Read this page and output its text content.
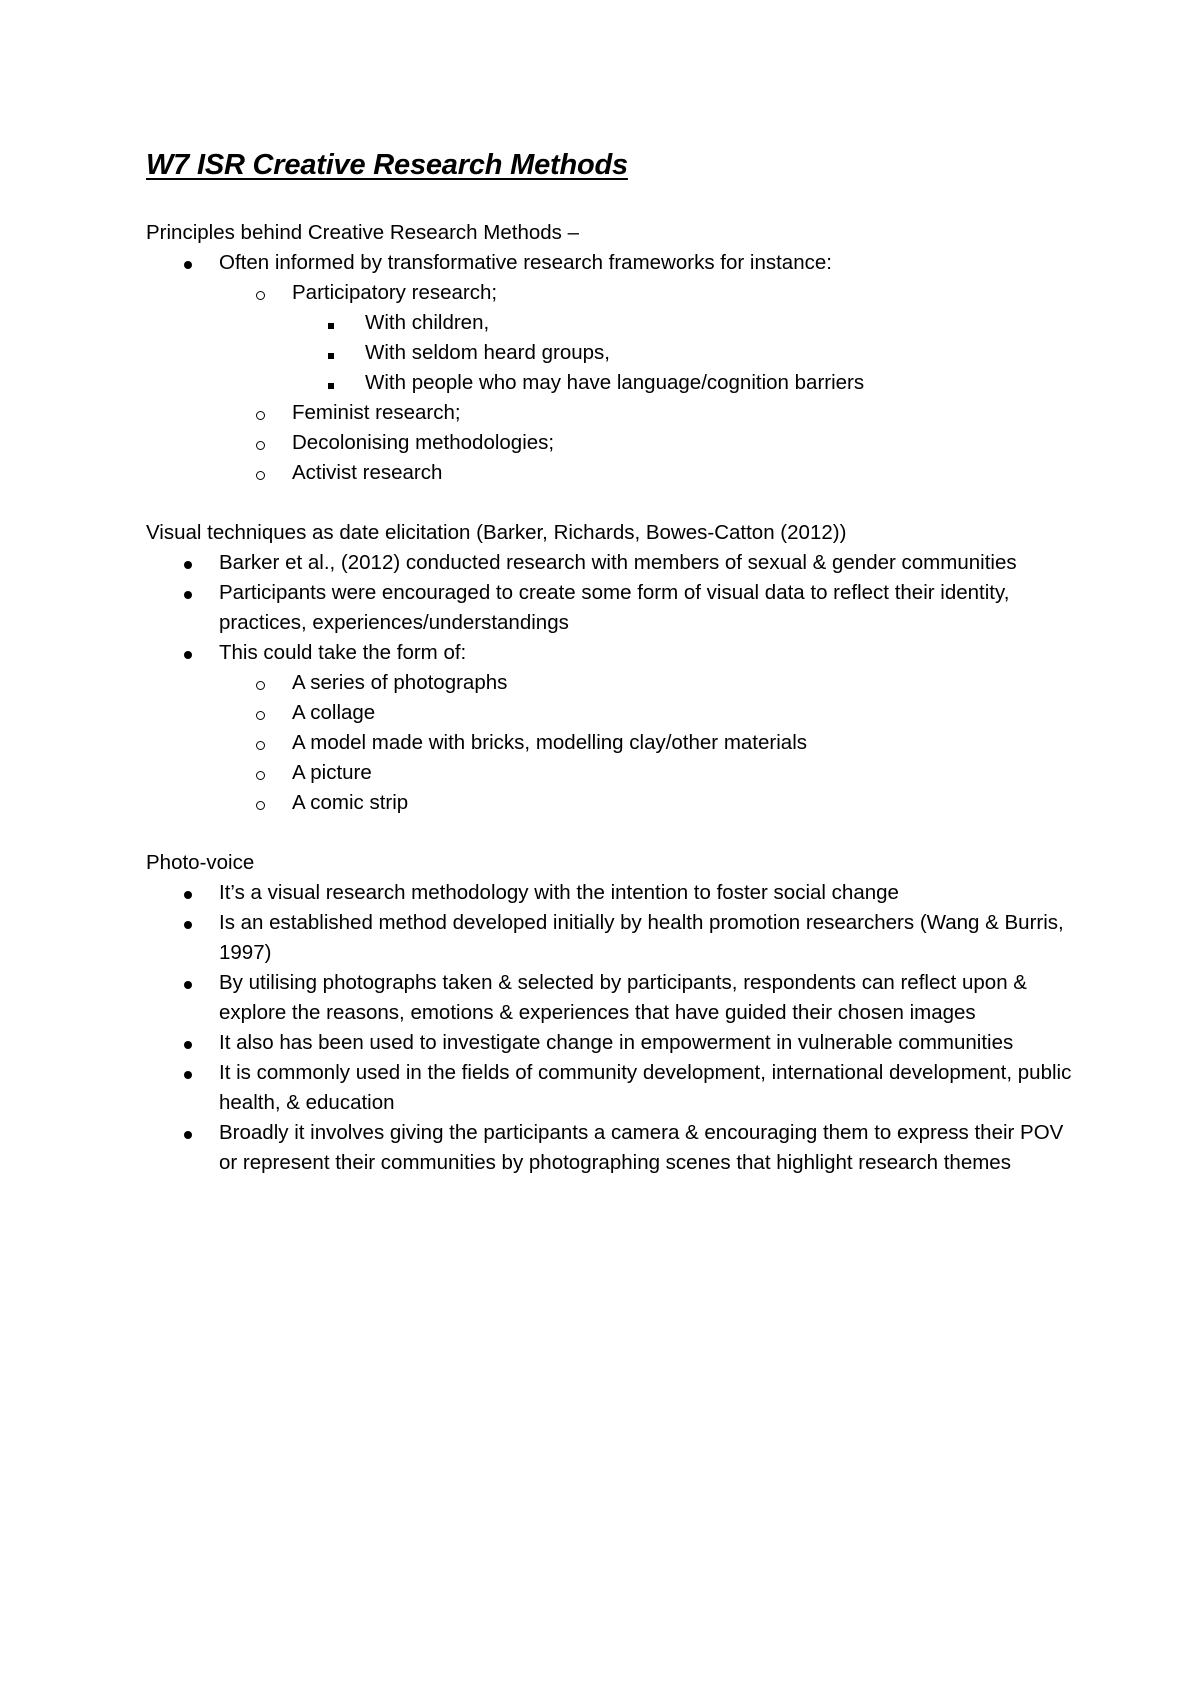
W7 ISR Creative Research Methods

Principles behind Creative Research Methods –

Often informed by transformative research frameworks for instance:
Participatory research;
With children,
With seldom heard groups,
With people who may have language/cognition barriers
Feminist research;
Decolonising methodologies;
Activist research

Visual techniques as date elicitation (Barker, Richards, Bowes-Catton (2012))

Barker et al., (2012) conducted research with members of sexual & gender communities
Participants were encouraged to create some form of visual data to reflect their identity, practices, experiences/understandings
This could take the form of:
A series of photographs
A collage
A model made with bricks, modelling clay/other materials
A picture
A comic strip

Photo-voice

It’s a visual research methodology with the intention to foster social change
Is an established method developed initially by health promotion researchers (Wang & Burris, 1997)
By utilising photographs taken & selected by participants, respondents can reflect upon & explore the reasons, emotions & experiences that have guided their chosen images
It also has been used to investigate change in empowerment in vulnerable communities
It is commonly used in the fields of community development, international development, public health, & education
Broadly it involves giving the participants a camera & encouraging them to express their POV or represent their communities by photographing scenes that highlight research themes
